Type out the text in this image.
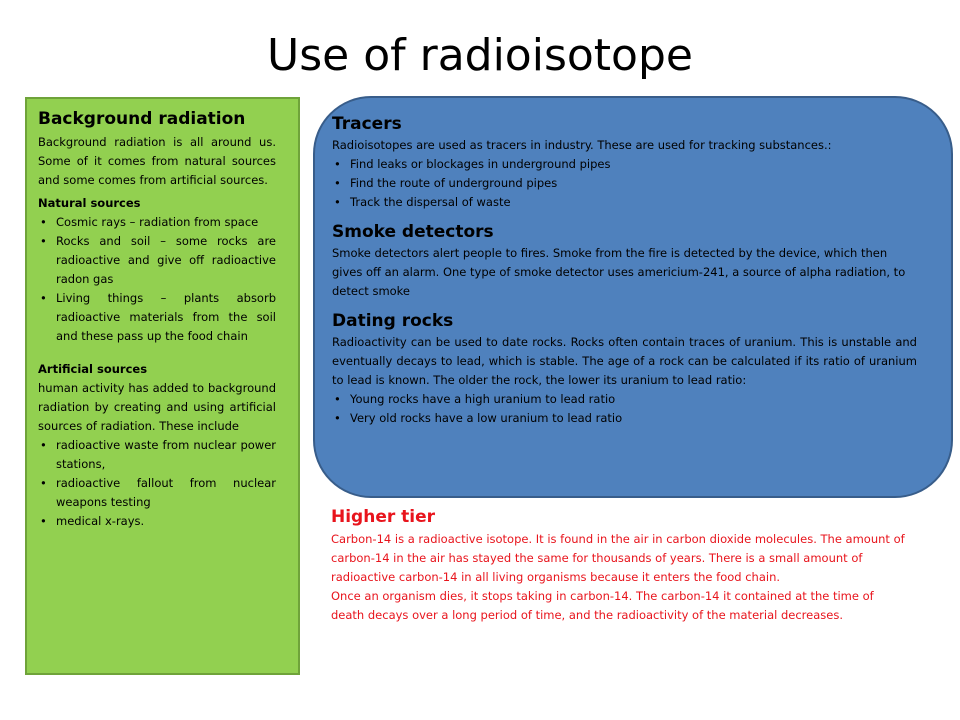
Use of radioisotope
Background radiation

Background radiation is all around us. Some of it comes from natural sources and some comes from artificial sources.

Natural sources

• Cosmic rays – radiation from space
• Rocks and soil – some rocks are radioactive and give off radioactive radon gas
• Living things – plants absorb radioactive materials from the soil and these pass up the food chain

Artificial sources

human activity has added to background radiation by creating and using artificial sources of radiation. These include

• radioactive waste from nuclear power stations,
• radioactive fallout from nuclear weapons testing
• medical x-rays.
Tracers

Radioisotopes are used as tracers in industry. These are used for tracking substances.:

• Find leaks or blockages in underground pipes
• Find the route of underground pipes
• Track the dispersal of waste
Smoke detectors

Smoke detectors alert people to fires. Smoke from the fire is detected by the device, which then gives off an alarm. One type of smoke detector uses americium-241, a source of alpha radiation, to detect smoke

Dating rocks

Radioactivity can be used to date rocks. Rocks often contain traces of uranium. This is unstable and eventually decays to lead, which is stable. The age of a rock can be calculated if its ratio of uranium to lead is known. The older the rock, the lower its uranium to lead ratio:

• Young rocks have a high uranium to lead ratio
• Very old rocks have a low uranium to lead ratio
Higher tier

Carbon-14 is a radioactive isotope. It is found in the air in carbon dioxide molecules. The amount of carbon-14 in the air has stayed the same for thousands of years. There is a small amount of radioactive carbon-14 in all living organisms because it enters the food chain.

Once an organism dies, it stops taking in carbon-14. The carbon-14 it contained at the time of death decays over a long period of time, and the radioactivity of the material decreases.
